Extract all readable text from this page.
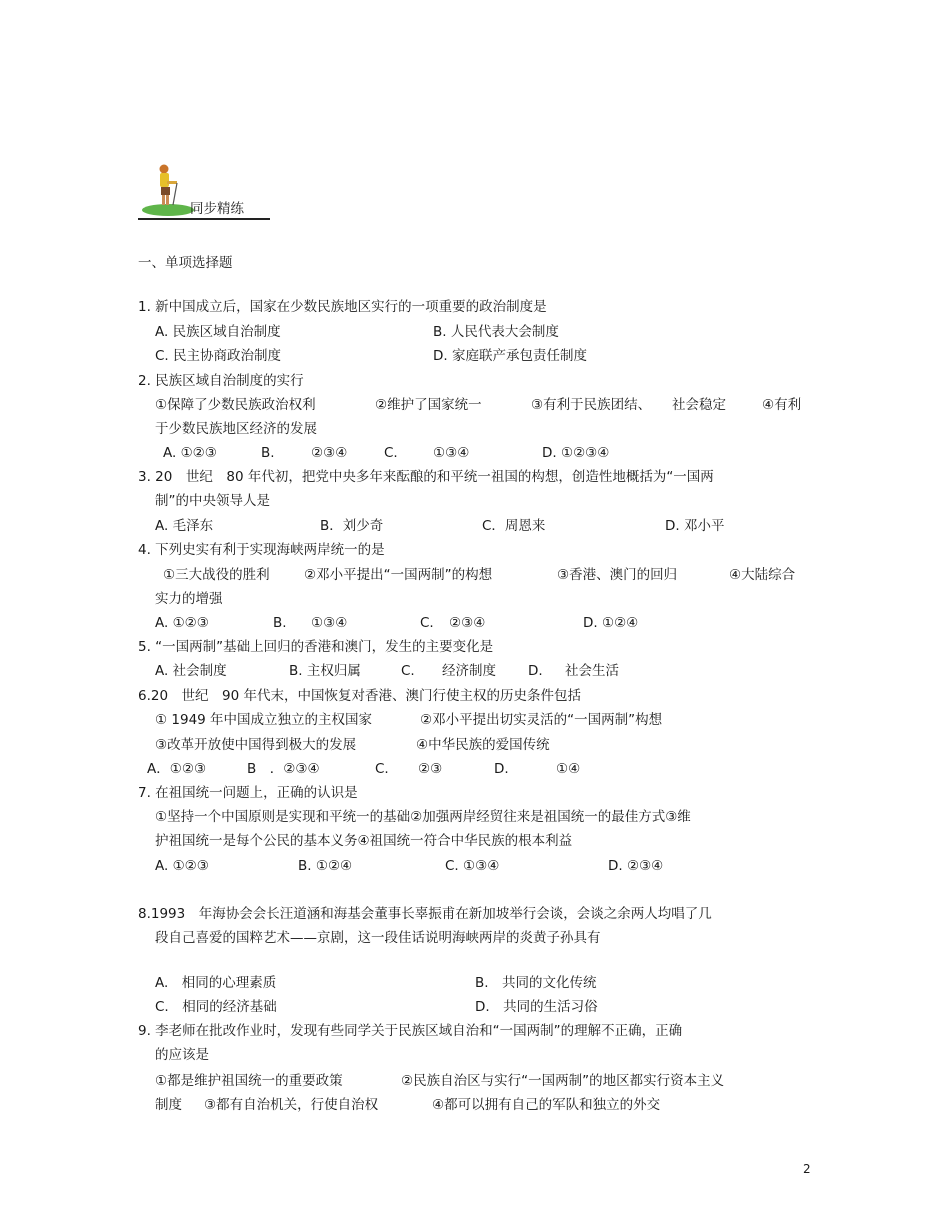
同步精练
一、单项选择题
1. 新中国成立后，国家在少数民族地区实行的一项重要的政治制度是
A. 民族区域自治制度	B. 人民代表大会制度
C. 民主协商政治制度	D. 家庭联产承包责任制度
2. 民族区域自治制度的实行
①保障了少数民族政治权利	②维护了国家统一	③有利于民族团结、 社会稳定	④有利
于少数民族地区经济的发展
A. ①②③	B.	②③④	C.	①③④	D. ①②③④
3. 20　世纪　80 年代初，把党中央多年来酝酿的和平统一祖国的构想，创造性地概括为“一国两
制”的中央领导人是
A. 毛泽东	B．刘少奇	C．周恩来	D. 邓小平
4. 下列史实有利于实现海峡两岸统一的是
①三大战役的胜利	②邓小平提出“一国两制”的构想	③香港、澳门的回归	④大陆综合
实力的增强
A. ①②③	B. ①③④	C. ②③④	D. ①②④
5. “一国两制”基础上回归的香港和澳门，发生的主要变化是
A. 社会制度	B. 主权归属	C. 经济制度 D. 社会生活
6.20　世纪　90 年代末，中国恢复对香港、澳门行使主权的历史条件包括
① 1949 年中国成立独立的主权国家	②邓小平提出切实灵活的“一国两制”构想
③改革开放使中国得到极大的发展	④中华民族的爱国传统
A．①②③	B　．②③④	C. ②③	D.	①④
7. 在祖国统一问题上，正确的认识是
①坚持一个中国原则是实现和平统一的基础②加强两岸经贸往来是祖国统一的最佳方式③维
护祖国统一是每个公民的基本义务④祖国统一符合中华民族的根本利益
A. ①②③	B. ①②④	C. ①③④	D. ②③④
8.1993　年海协会会长汪道涵和海基会董事长辜振甫在新加坡举行会谈，会谈之余两人均唱了几
段自己喜爱的国粹艺术——京剧，这一段佳话说明海峡两岸的炎黄子孙具有
A.　相同的心理素质	B.　共同的文化传统
C.　相同的经济基础	D.　共同的生活习俗
9. 李老师在批改作业时，发现有些同学关于民族区域自治和“一国两制”的理解不正确，正确
的应该是
①都是维护祖国统一的重要政策	②民族自治区与实行“一国两制”的地区都实行资本主义
制度 ③都有自治机关，行使自治权	④都可以拥有自己的军队和独立的外交
2
